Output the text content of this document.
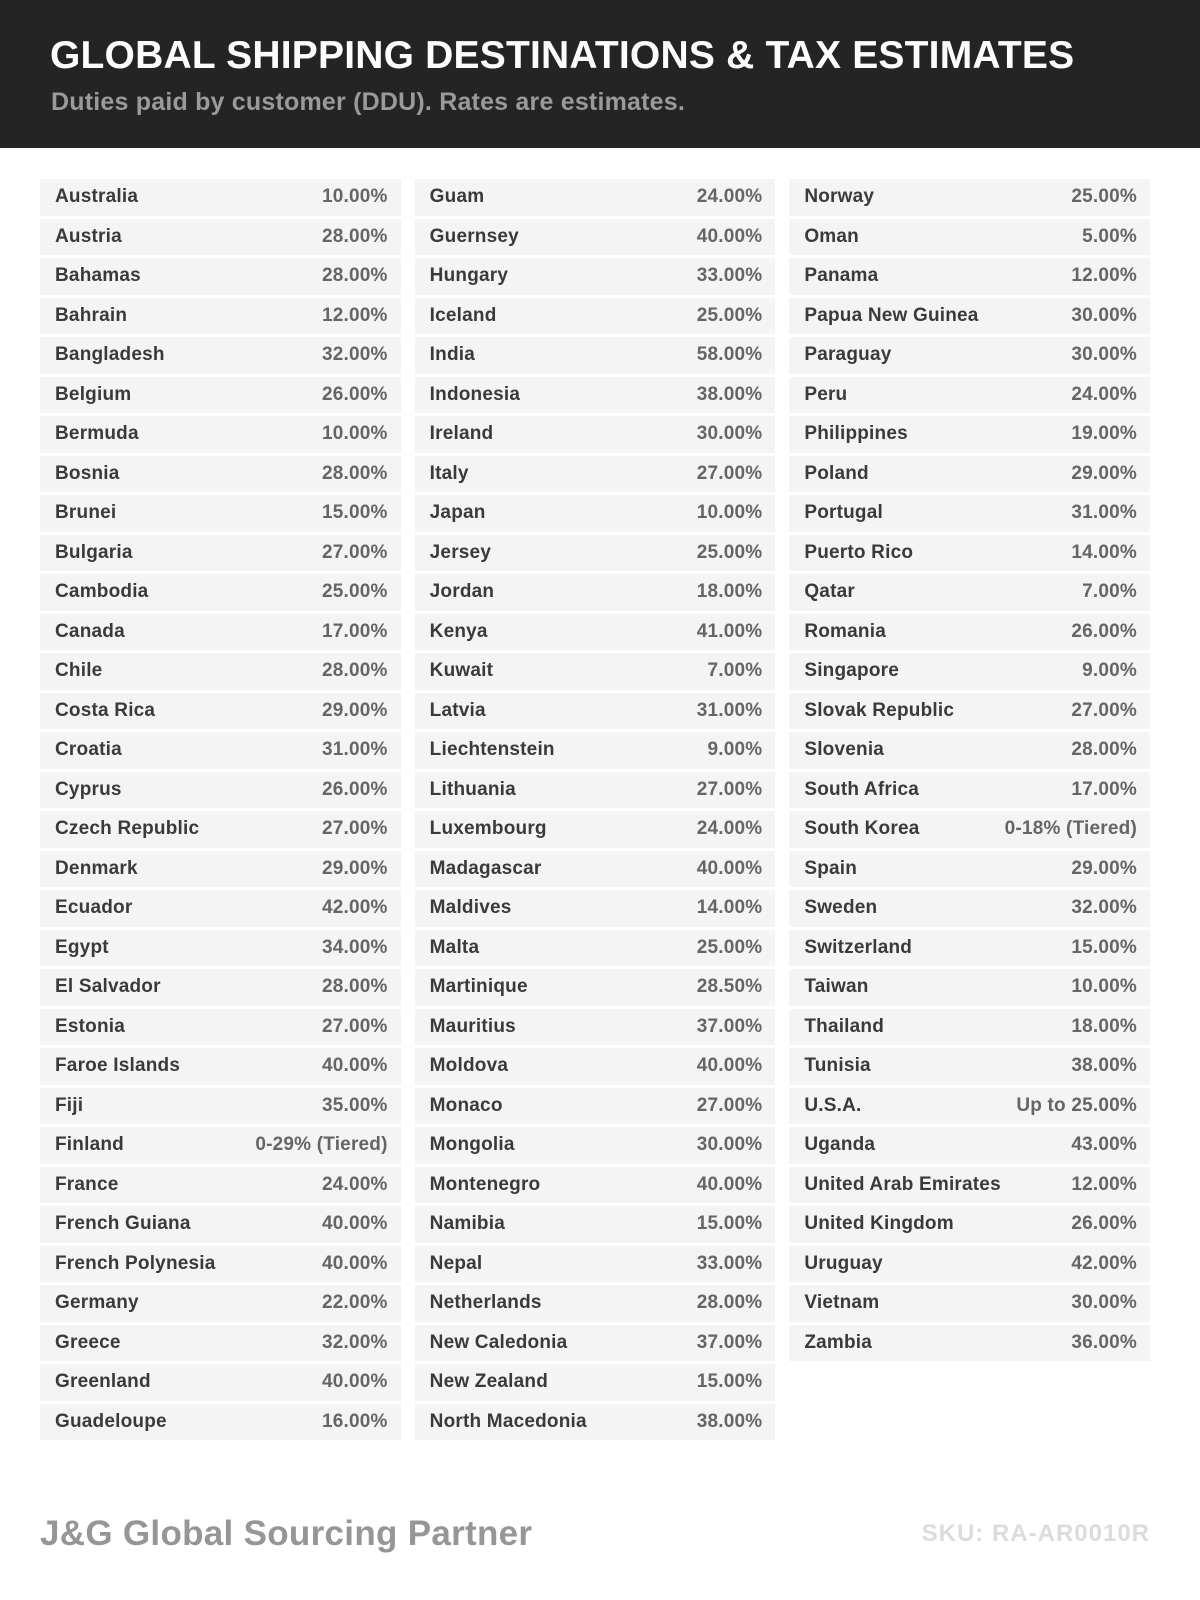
GLOBAL SHIPPING DESTINATIONS & TAX ESTIMATES

Duties paid by customer (DDU). Rates are estimates.

Australia	10.00%
Austria	28.00%
Bahamas	28.00%
Bahrain	12.00%
Bangladesh	32.00%
Belgium	26.00%
Bermuda	10.00%
Bosnia	28.00%
Brunei	15.00%
Bulgaria	27.00%
Cambodia	25.00%
Canada	17.00%
Chile	28.00%
Costa Rica	29.00%
Croatia	31.00%
Cyprus	26.00%
Czech Republic	27.00%
Denmark	29.00%
Ecuador	42.00%
Egypt	34.00%
El Salvador	28.00%
Estonia	27.00%
Faroe Islands	40.00%
Fiji	35.00%
Finland	0-29% (Tiered)
France	24.00%
French Guiana	40.00%
French Polynesia	40.00%
Germany	22.00%
Greece	32.00%
Greenland	40.00%
Guadeloupe	16.00%
Guam	24.00%
Guernsey	40.00%
Hungary	33.00%
Iceland	25.00%
India	58.00%
Indonesia	38.00%
Ireland	30.00%
Italy	27.00%
Japan	10.00%
Jersey	25.00%
Jordan	18.00%
Kenya	41.00%
Kuwait	7.00%
Latvia	31.00%
Liechtenstein	9.00%
Lithuania	27.00%
Luxembourg	24.00%
Madagascar	40.00%
Maldives	14.00%
Malta	25.00%
Martinique	28.50%
Mauritius	37.00%
Moldova	40.00%
Monaco	27.00%
Mongolia	30.00%
Montenegro	40.00%
Namibia	15.00%
Nepal	33.00%
Netherlands	28.00%
New Caledonia	37.00%
New Zealand	15.00%
North Macedonia	38.00%
Norway	25.00%
Oman	5.00%
Panama	12.00%
Papua New Guinea	30.00%
Paraguay	30.00%
Peru	24.00%
Philippines	19.00%
Poland	29.00%
Portugal	31.00%
Puerto Rico	14.00%
Qatar	7.00%
Romania	26.00%
Singapore	9.00%
Slovak Republic	27.00%
Slovenia	28.00%
South Africa	17.00%
South Korea	0-18% (Tiered)
Spain	29.00%
Sweden	32.00%
Switzerland	15.00%
Taiwan	10.00%
Thailand	18.00%
Tunisia	38.00%
U.S.A.	Up to 25.00%
Uganda	43.00%
United Arab Emirates	12.00%
United Kingdom	26.00%
Uruguay	42.00%
Vietnam	30.00%
Zambia	36.00%
J&G Global Sourcing Partner	SKU: RA-AR0010R
